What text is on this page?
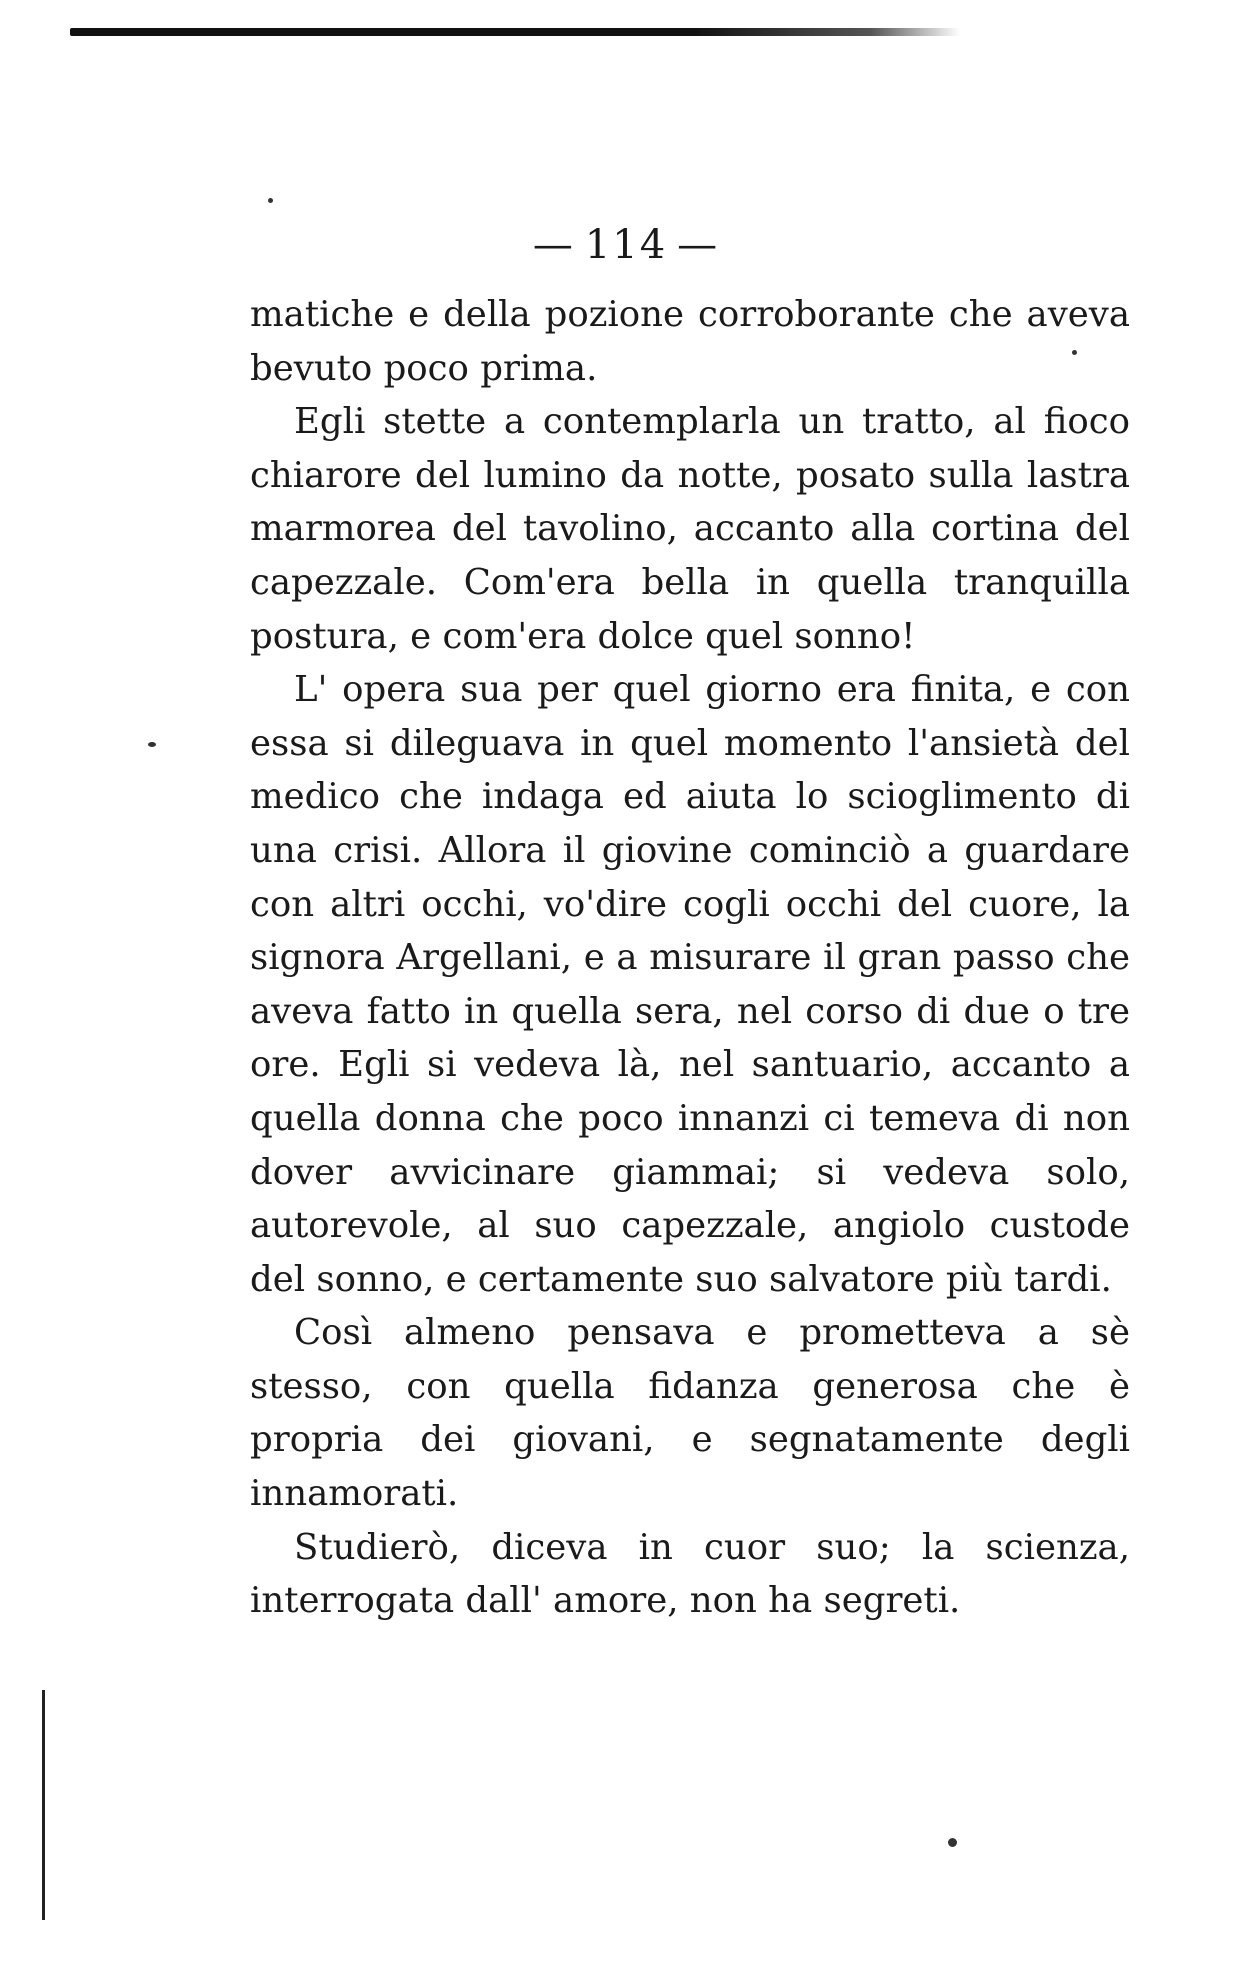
— 114 —

matiche e della pozione corroborante che aveva bevuto poco prima.

Egli stette a contemplarla un tratto, al fioco chiarore del lumino da notte, posato sulla lastra marmorea del tavolino, accanto alla cortina del capezzale. Com'era bella in quella tranquilla postura, e com'era dolce quel sonno!

L' opera sua per quel giorno era finita, e con essa si dileguava in quel momento l'ansietà del medico che indaga ed aiuta lo scioglimento di una crisi. Allora il giovine cominciò a guardare con altri occhi, vo'dire cogli occhi del cuore, la signora Argellani, e a misurare il gran passo che aveva fatto in quella sera, nel corso di due o tre ore. Egli si vedeva là, nel santuario, accanto a quella donna che poco innanzi ci temeva di non dover avvicinare giammai; si vedeva solo, autorevole, al suo capezzale, angiolo custode del sonno, e certamente suo salvatore più tardi.

Così almeno pensava e prometteva a sè stesso, con quella fidanza generosa che è propria dei giovani, e segnatamente degli innamorati.

Studierò, diceva in cuor suo; la scienza, interrogata dall' amore, non ha segreti.
